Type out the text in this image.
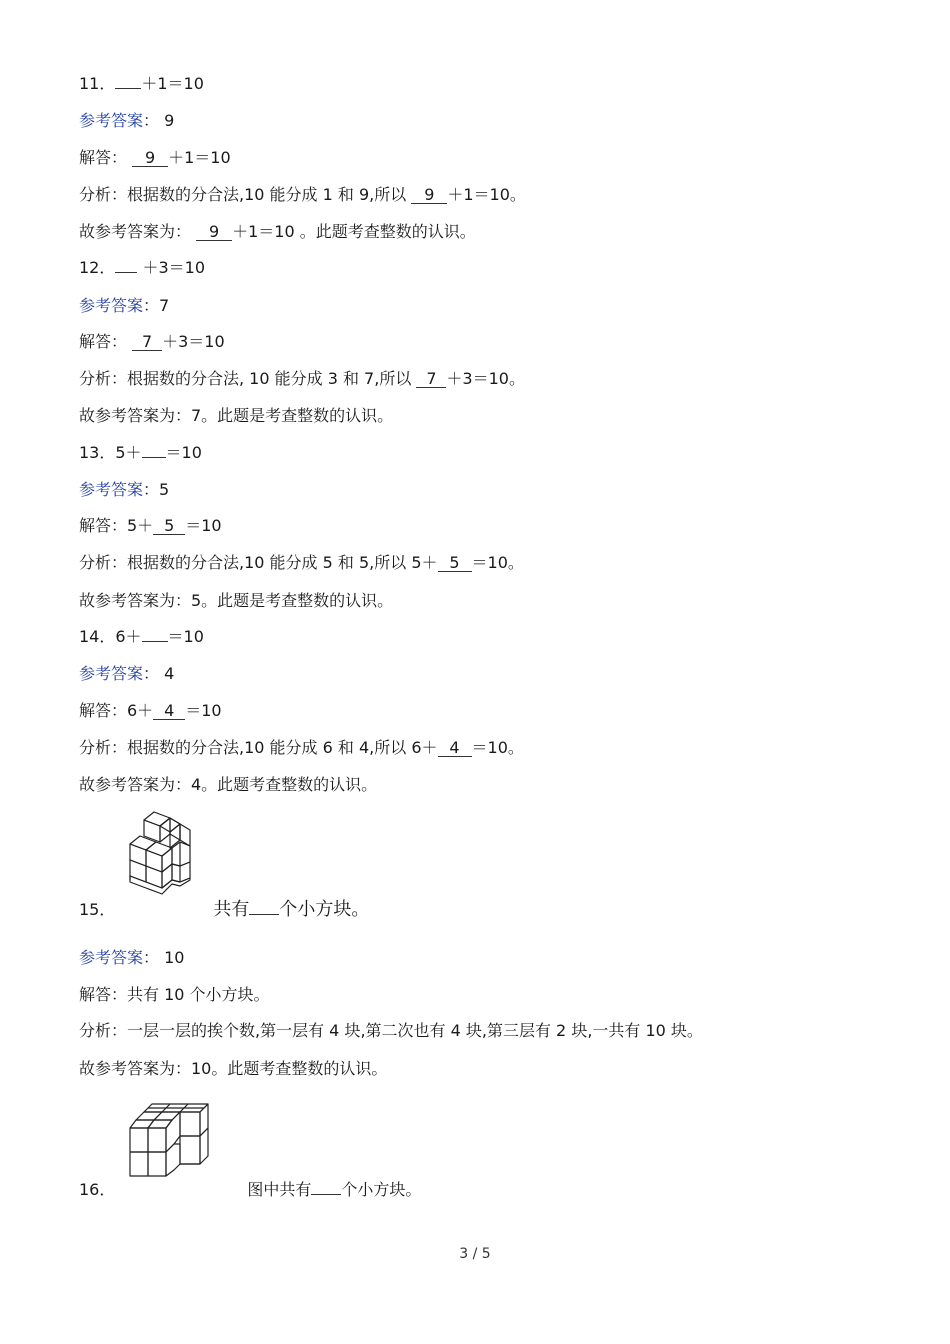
11． ＋1＝10
参考答案： 9
解答： 9 ＋1＝10
分析：根据数的分合法,10 能分成 1 和 9,所以 9 ＋1＝10。
故参考答案为： 9 ＋1＝10 。此题考查整数的认识。
12． ＋3＝10
参考答案：7
解答： 7 ＋3＝10
分析：根据数的分合法, 10 能分成 3 和 7,所以 7 ＋3＝10。
故参考答案为：7。此题是考查整数的认识。
13．5＋ ＝10
参考答案：5
解答：5＋ 5 ＝10
分析：根据数的分合法,10 能分成 5 和 5,所以 5＋ 5 ＝10。
故参考答案为：5。此题是考查整数的认识。
14．6＋ ＝10
参考答案： 4
解答：6＋ 4 ＝10
分析：根据数的分合法,10 能分成 6 和 4,所以 6＋ 4 ＝10。
故参考答案为：4。此题考查整数的认识。
15．	共有 个小方块。
参考答案： 10
解答：共有 10 个小方块。
分析：一层一层的挨个数,第一层有 4 块,第二次也有 4 块,第三层有 2 块,一共有 10 块。
故参考答案为：10。此题考查整数的认识。
16．	图中共有 个小方块。
3 / 5
